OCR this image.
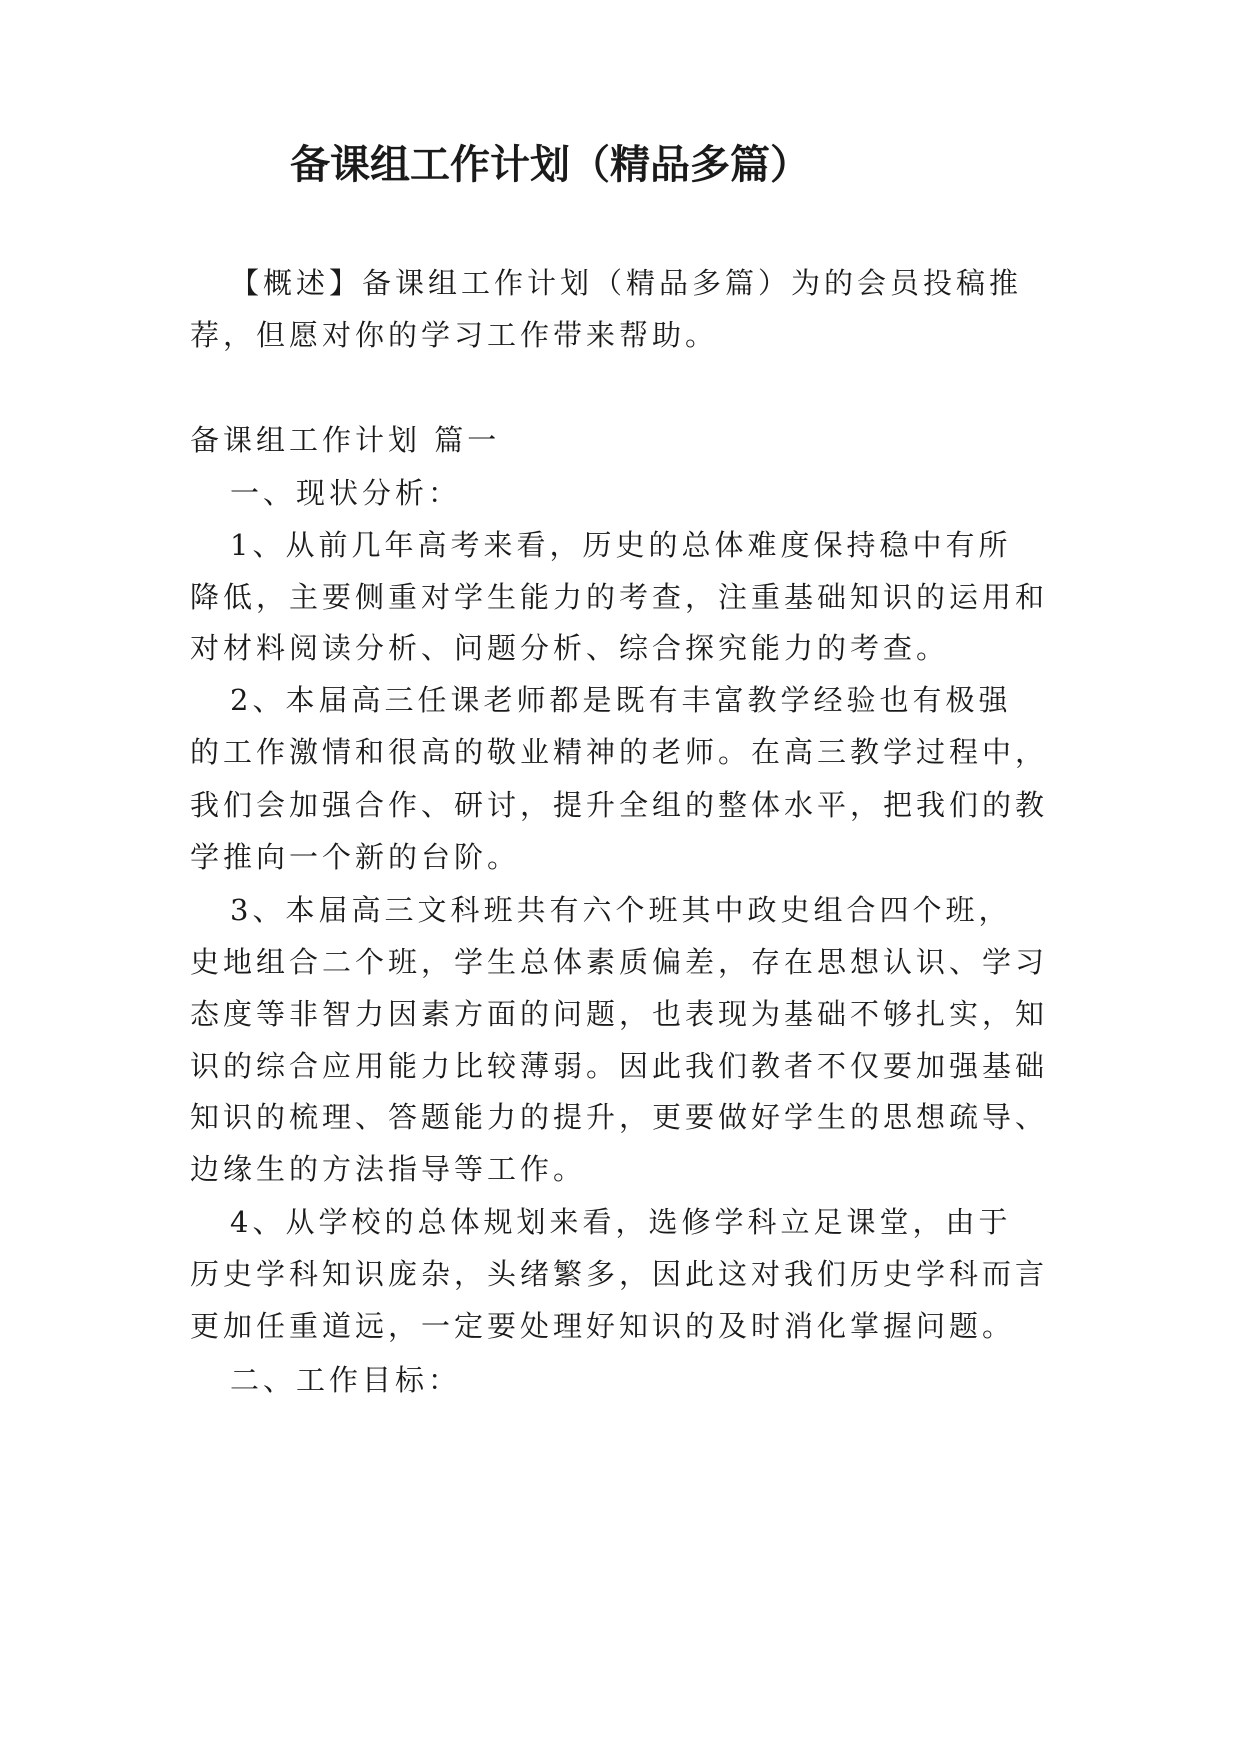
备课组工作计划（精品多篇）
【概述】备课组工作计划（精品多篇）为的会员投稿推
荐，但愿对你的学习工作带来帮助。
备课组工作计划 篇一
一、现状分析：
1、从前几年高考来看，历史的总体难度保持稳中有所
降低，主要侧重对学生能力的考查，注重基础知识的运用和
对材料阅读分析、问题分析、综合探究能力的考查。
2、本届高三任课老师都是既有丰富教学经验也有极强
的工作激情和很高的敬业精神的老师。在高三教学过程中，
我们会加强合作、研讨，提升全组的整体水平，把我们的教
学推向一个新的台阶。
3、本届高三文科班共有六个班其中政史组合四个班，
史地组合二个班，学生总体素质偏差，存在思想认识、学习
态度等非智力因素方面的问题，也表现为基础不够扎实，知
识的综合应用能力比较薄弱。因此我们教者不仅要加强基础
知识的梳理、答题能力的提升，更要做好学生的思想疏导、
边缘生的方法指导等工作。
4、从学校的总体规划来看，选修学科立足课堂，由于
历史学科知识庞杂，头绪繁多，因此这对我们历史学科而言
更加任重道远，一定要处理好知识的及时消化掌握问题。
二、工作目标：
